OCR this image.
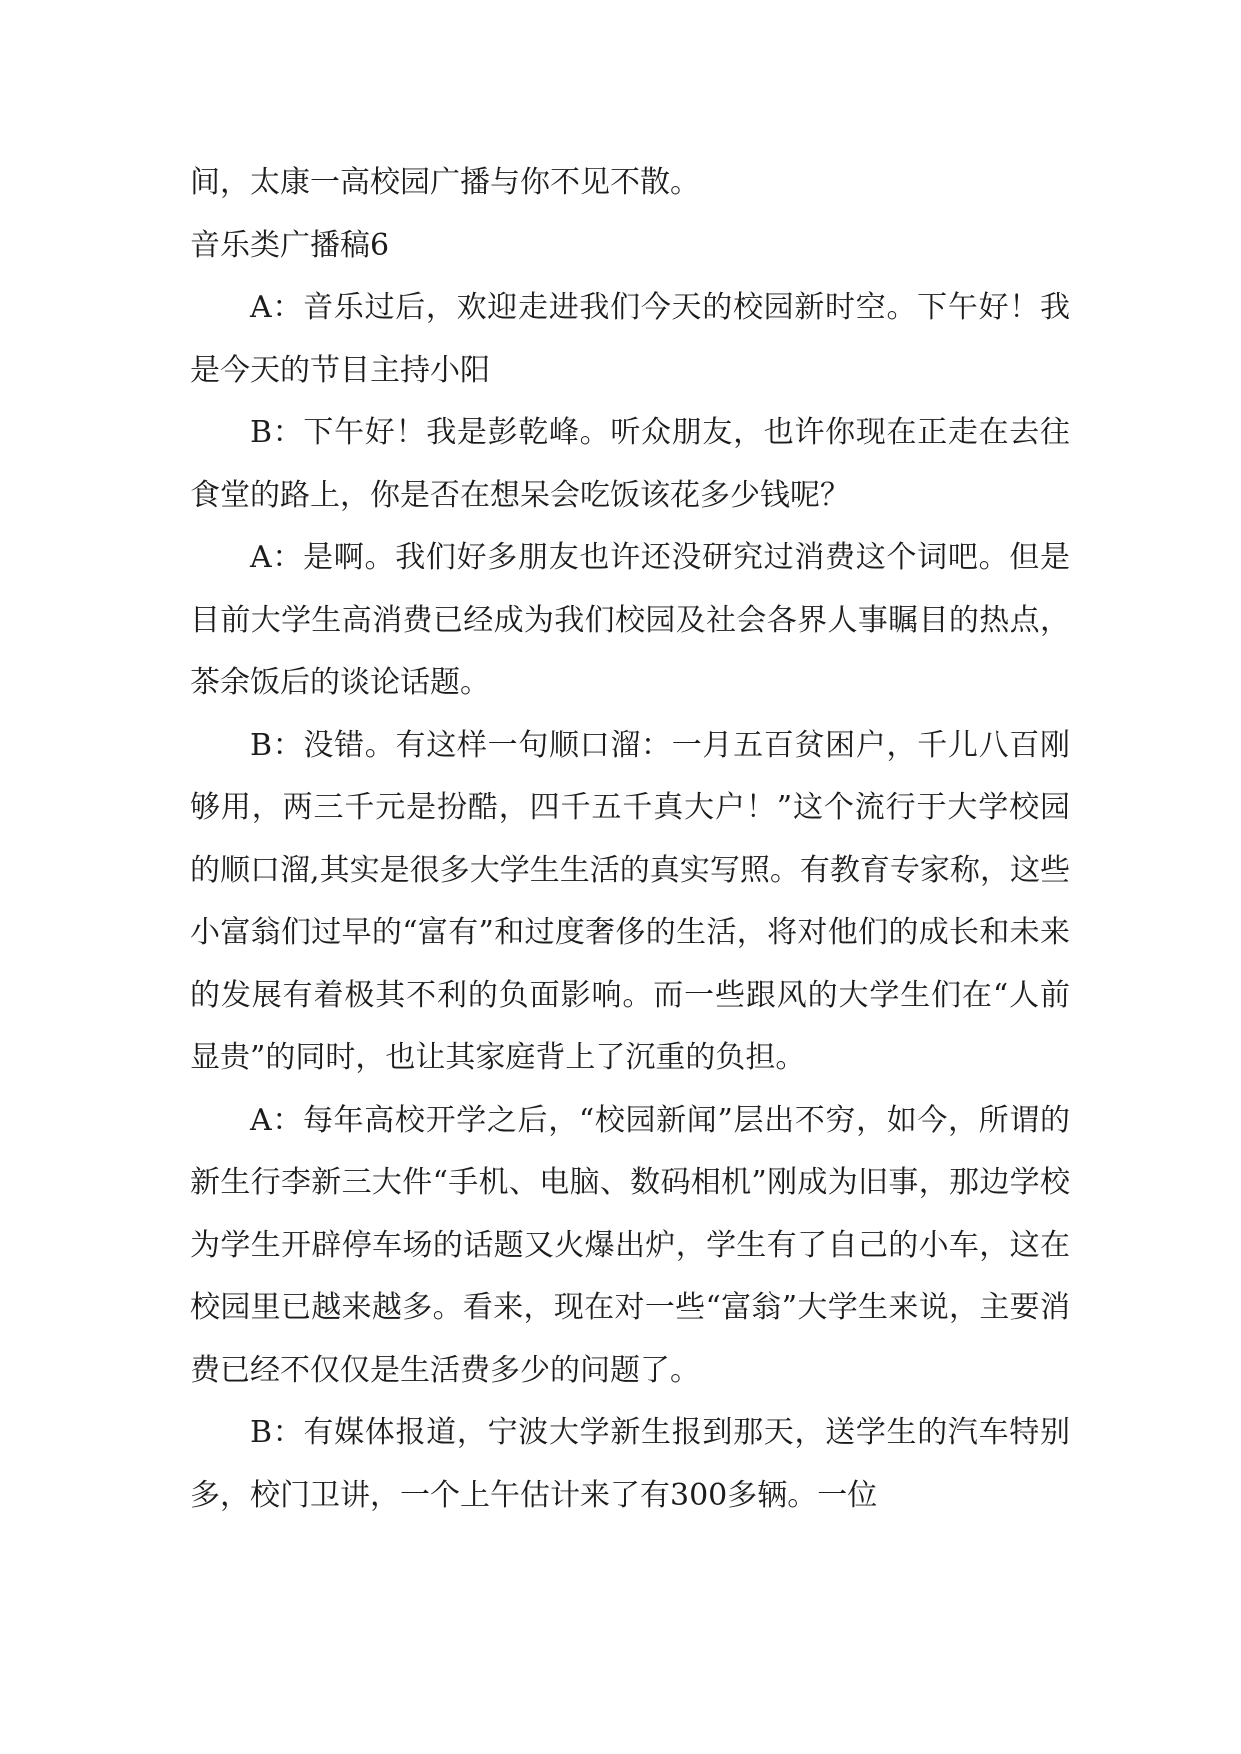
间，太康一高校园广播与你不见不散。

音乐类广播稿6

A：音乐过后，欢迎走进我们今天的校园新时空。下午好！我是今天的节目主持小阳

B：下午好！我是彭乾峰。听众朋友，也许你现在正走在去往食堂的路上，你是否在想呆会吃饭该花多少钱呢？

A：是啊。我们好多朋友也许还没研究过消费这个词吧。但是目前大学生高消费已经成为我们校园及社会各界人事瞩目的热点，茶余饭后的谈论话题。

B：没错。有这样一句顺口溜：一月五百贫困户，千儿八百刚够用，两三千元是扮酷，四千五千真大户！”这个流行于大学校园的顺口溜,其实是很多大学生生活的真实写照。有教育专家称，这些小富翁们过早的“富有”和过度奢侈的生活，将对他们的成长和未来的发展有着极其不利的负面影响。而一些跟风的大学生们在“人前显贵”的同时，也让其家庭背上了沉重的负担。

A：每年高校开学之后，“校园新闻”层出不穷，如今，所谓的新生行李新三大件“手机、电脑、数码相机”刚成为旧事，那边学校为学生开辟停车场的话题又火爆出炉，学生有了自己的小车，这在校园里已越来越多。看来，现在对一些“富翁”大学生来说，主要消费已经不仅仅是生活费多少的问题了。

B：有媒体报道，宁波大学新生报到那天，送学生的汽车特别多，校门卫讲，一个上午估计来了有300多辆。一位
